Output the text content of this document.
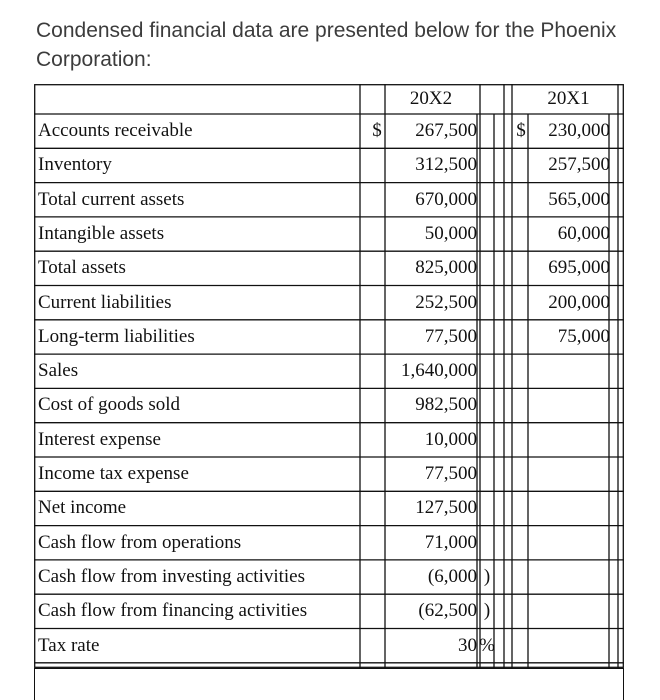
Condensed financial data are presented below for the Phoenix Corporation:
20X2	20X1
Accounts receivable	$	267,500 $	230,000
Inventory	312,500	257,500
Total current assets	670,000	565,000
Intangible assets	50,000	60,000
Total assets	825,000	695,000
Current liabilities	252,500	200,000
Long-term liabilities	77,500	75,000
Sales	1,640,000
Cost of goods sold	982,500
Interest expense	10,000
Income tax expense	77,500
Net income	127,500
Cash flow from operations	71,000
Cash flow from investing activities	(6,000 )
Cash flow from financing activities	(62,500 )
Tax rate	30 %
